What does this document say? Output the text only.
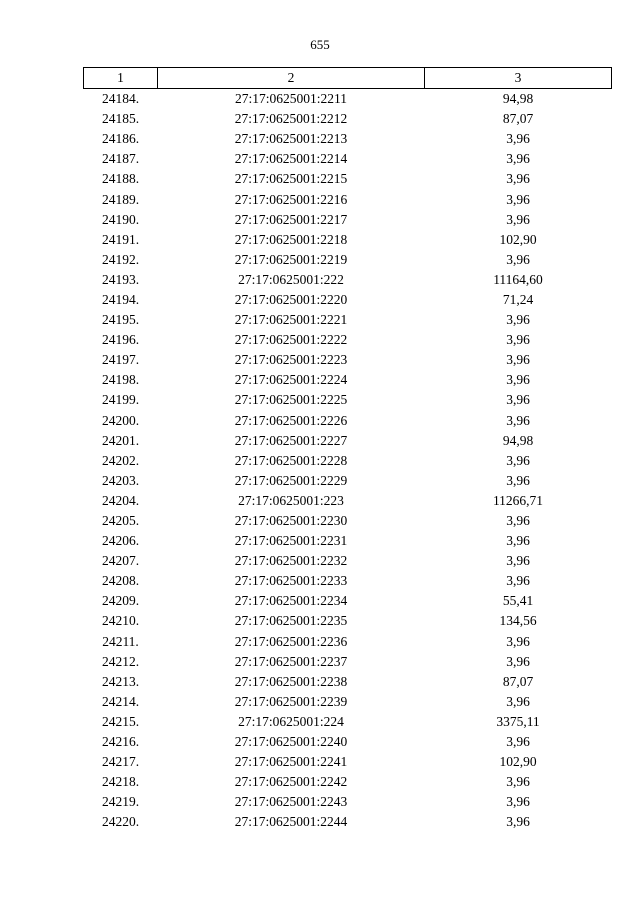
655
1	2	3
24184.	27:17:0625001:2211	94,98
24185.	27:17:0625001:2212	87,07
24186.	27:17:0625001:2213	3,96
24187.	27:17:0625001:2214	3,96
24188.	27:17:0625001:2215	3,96
24189.	27:17:0625001:2216	3,96
24190.	27:17:0625001:2217	3,96
24191.	27:17:0625001:2218	102,90
24192.	27:17:0625001:2219	3,96
24193.	27:17:0625001:222	11164,60
24194.	27:17:0625001:2220	71,24
24195.	27:17:0625001:2221	3,96
24196.	27:17:0625001:2222	3,96
24197.	27:17:0625001:2223	3,96
24198.	27:17:0625001:2224	3,96
24199.	27:17:0625001:2225	3,96
24200.	27:17:0625001:2226	3,96
24201.	27:17:0625001:2227	94,98
24202.	27:17:0625001:2228	3,96
24203.	27:17:0625001:2229	3,96
24204.	27:17:0625001:223	11266,71
24205.	27:17:0625001:2230	3,96
24206.	27:17:0625001:2231	3,96
24207.	27:17:0625001:2232	3,96
24208.	27:17:0625001:2233	3,96
24209.	27:17:0625001:2234	55,41
24210.	27:17:0625001:2235	134,56
24211.	27:17:0625001:2236	3,96
24212.	27:17:0625001:2237	3,96
24213.	27:17:0625001:2238	87,07
24214.	27:17:0625001:2239	3,96
24215.	27:17:0625001:224	3375,11
24216.	27:17:0625001:2240	3,96
24217.	27:17:0625001:2241	102,90
24218.	27:17:0625001:2242	3,96
24219.	27:17:0625001:2243	3,96
24220.	27:17:0625001:2244	3,96
